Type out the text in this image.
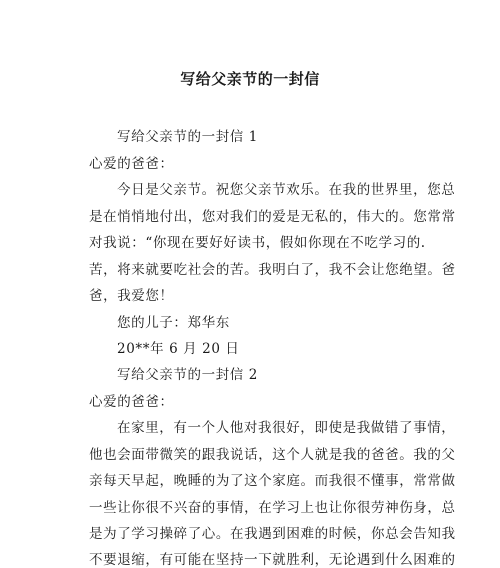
写给父亲节的一封信
写给父亲节的一封信 1
心爱的爸爸：
今日是父亲节。祝您父亲节欢乐。在我的世界里，您总
是在悄悄地付出，您对我们的爱是无私的，伟大的。您常常
对我说：“你现在要好好读书，假如你现在不吃学习的.
苦，将来就要吃社会的苦。我明白了，我不会让您绝望。爸
爸，我爱您！
您的儿子：郑华东
20**年 6 月 20 日
写给父亲节的一封信 2
心爱的爸爸：
在家里，有一个人他对我很好，即使是我做错了事情，
他也会面带微笑的跟我说话，这个人就是我的爸爸。我的父
亲每天早起，晚睡的为了这个家庭。而我很不懂事，常常做
一些让你很不兴奋的事情，在学习上也让你很劳神伤身，总
是为了学习操碎了心。在我遇到困难的时候，你总会告知我
不要退缩，有可能在坚持一下就胜利，无论遇到什么困难的
